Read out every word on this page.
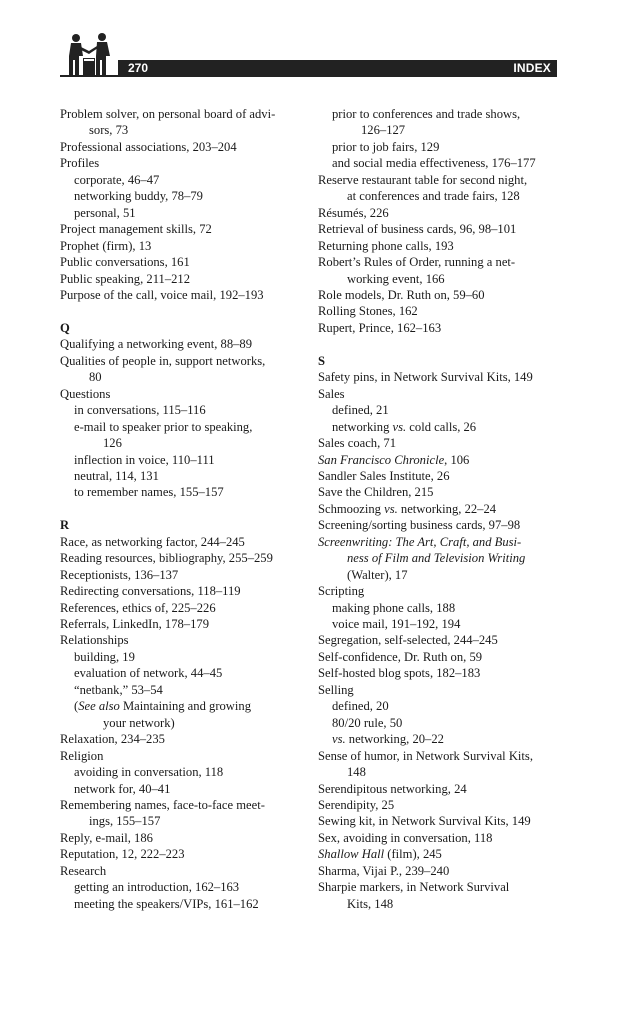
270	INDEX
Problem solver, on personal board of advi-
sors, 73
Professional associations, 203–204
Profiles
corporate, 46–47
networking buddy, 78–79
personal, 51
Project management skills, 72
Prophet (firm), 13
Public conversations, 161
Public speaking, 211–212
Purpose of the call, voice mail, 192–193
Q
Qualifying a networking event, 88–89
Qualities of people in, support networks,
80
Questions
in conversations, 115–116
e-mail to speaker prior to speaking,
126
inflection in voice, 110–111
neutral, 114, 131
to remember names, 155–157
R
Race, as networking factor, 244–245
Reading resources, bibliography, 255–259
Receptionists, 136–137
Redirecting conversations, 118–119
References, ethics of, 225–226
Referrals, LinkedIn, 178–179
Relationships
building, 19
evaluation of network, 44–45
“netbank,” 53–54
(See also Maintaining and growing
your network)
Relaxation, 234–235
Religion
avoiding in conversation, 118
network for, 40–41
Remembering names, face-to-face meet-
ings, 155–157
Reply, e-mail, 186
Reputation, 12, 222–223
Research
getting an introduction, 162–163
meeting the speakers/VIPs, 161–162
prior to conferences and trade shows,
126–127
prior to job fairs, 129
and social media effectiveness, 176–177
Reserve restaurant table for second night,
at conferences and trade fairs, 128
Résumés, 226
Retrieval of business cards, 96, 98–101
Returning phone calls, 193
Robert’s Rules of Order, running a net-
working event, 166
Role models, Dr. Ruth on, 59–60
Rolling Stones, 162
Rupert, Prince, 162–163
S
Safety pins, in Network Survival Kits, 149
Sales
defined, 21
networking vs. cold calls, 26
Sales coach, 71
San Francisco Chronicle, 106
Sandler Sales Institute, 26
Save the Children, 215
Schmoozing vs. networking, 22–24
Screening/sorting business cards, 97–98
Screenwriting: The Art, Craft, and Busi-
ness of Film and Television Writing
(Walter), 17
Scripting
making phone calls, 188
voice mail, 191–192, 194
Segregation, self-selected, 244–245
Self-confidence, Dr. Ruth on, 59
Self-hosted blog spots, 182–183
Selling
defined, 20
80/20 rule, 50
vs. networking, 20–22
Sense of humor, in Network Survival Kits,
148
Serendipitous networking, 24
Serendipity, 25
Sewing kit, in Network Survival Kits, 149
Sex, avoiding in conversation, 118
Shallow Hall (film), 245
Sharma, Vijai P., 239–240
Sharpie markers, in Network Survival
Kits, 148
